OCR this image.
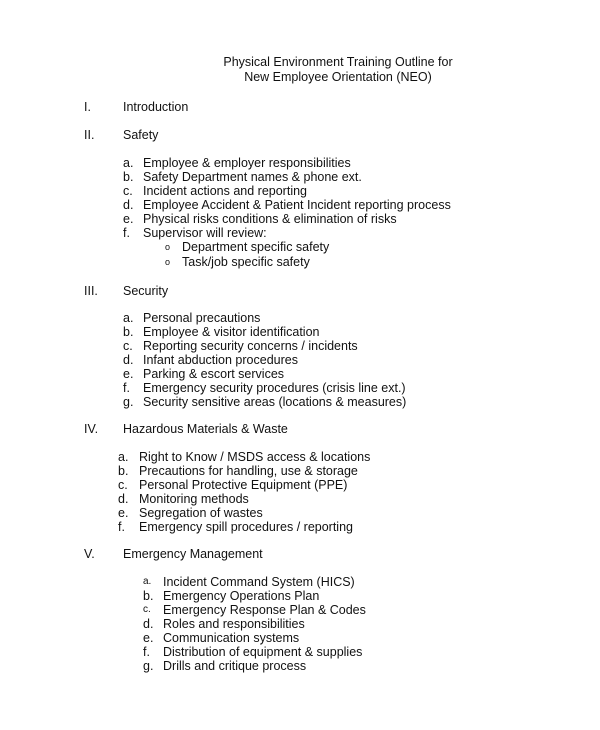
Physical Environment Training Outline for
New Employee Orientation (NEO)
I.	Introduction
II. Safety
a. Employee & employer responsibilities
b. Safety Department names & phone ext.
c. Incident actions and reporting
d. Employee Accident & Patient Incident reporting process
e. Physical risks conditions & elimination of risks
f. Supervisor will review:
o Department specific safety
o Task/job specific safety
III. Security
a. Personal precautions
b. Employee & visitor identification
c. Reporting security concerns / incidents
d. Infant abduction procedures
e. Parking & escort services
f. Emergency security procedures (crisis line ext.)
g. Security sensitive areas (locations & measures)
IV. Hazardous Materials & Waste
a. Right to Know / MSDS access & locations
b. Precautions for handling, use & storage
c. Personal Protective Equipment (PPE)
d. Monitoring methods
e. Segregation of wastes
f. Emergency spill procedures / reporting
V. Emergency Management
a. Incident Command System (HICS)
b. Emergency Operations Plan
c. Emergency Response Plan & Codes
d. Roles and responsibilities
e. Communication systems
f. Distribution of equipment & supplies
g. Drills and critique process
